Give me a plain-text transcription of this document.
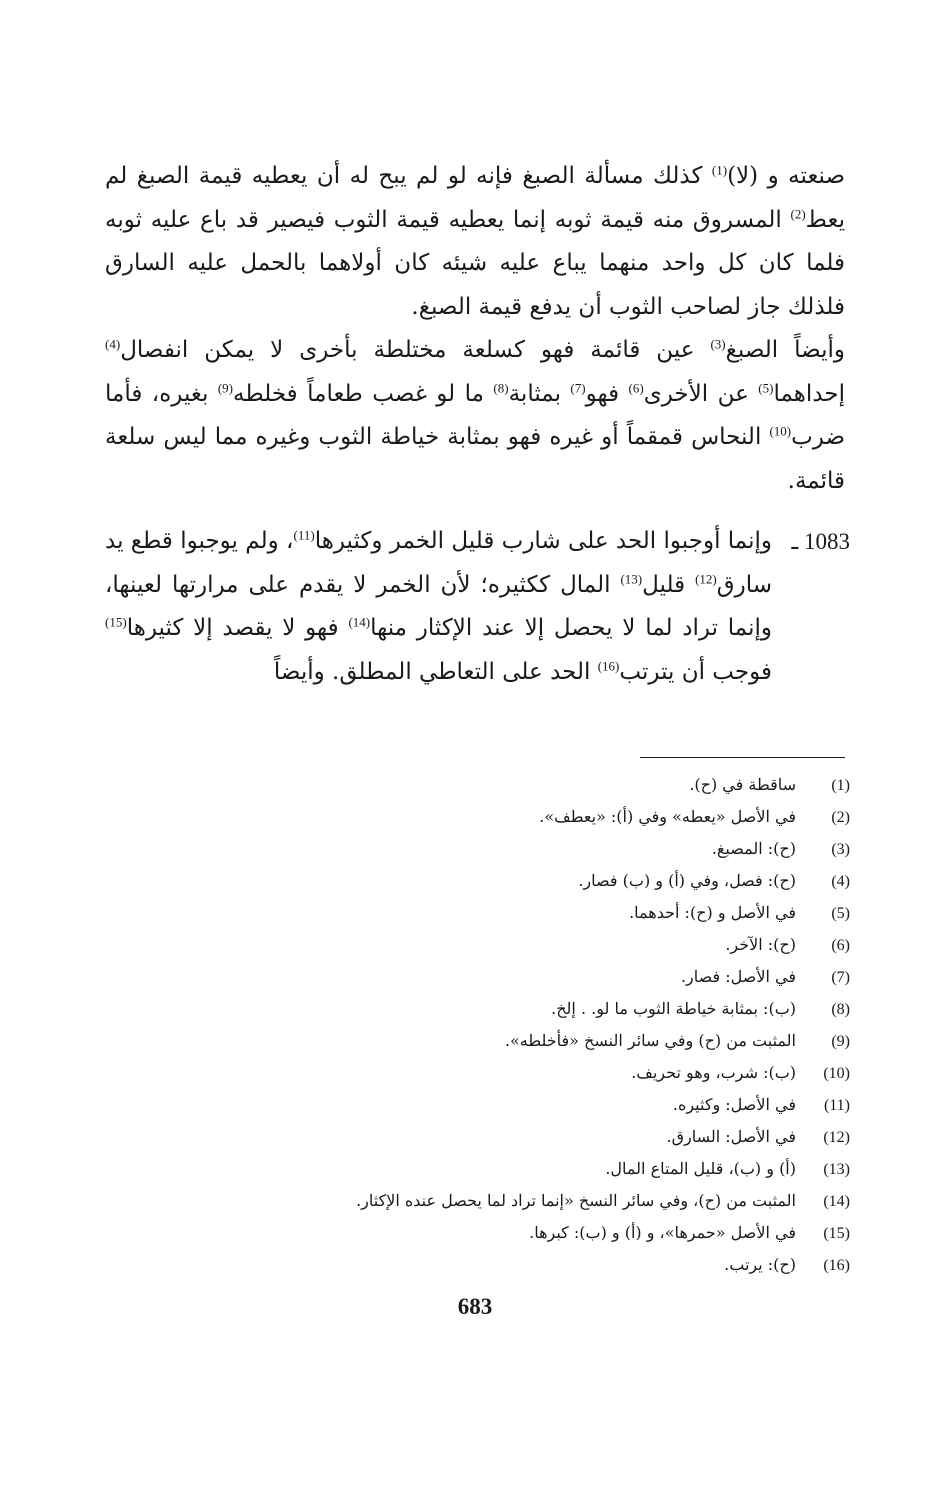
صنعته و (لا)$^{(1)}$ كذلك مسألة الصبغ فإنه لو لم يبح له أن يعطيه قيمة الصبغ لم يعط$^{(2)}$ المسروق منه قيمة ثوبه إنما يعطيه قيمة الثوب فيصير قد باع عليه ثوبه فلما كان كل واحد منهما يباع عليه شيئه كان أولاهما بالحمل عليه السارق فلذلك جاز لصاحب الثوب أن يدفع قيمة الصبغ.

وأيضاً الصبغ$^{(3)}$ عين قائمة فهو كسلعة مختلطة بأخرى لا يمكن انفصال$^{(4)}$ إحداهما$^{(5)}$ عن الأخرى$^{(6)}$ فهو$^{(7)}$ بمثابة$^{(8)}$ ما لو غصب طعاماً فخلطه$^{(9)}$ بغيره، فأما ضرب$^{(10)}$ النحاس قمقماً أو غيره فهو بمثابة خياطة الثوب وغيره مما ليس سلعة قائمة.

1083 ـ

وإنما أوجبوا الحد على شارب قليل الخمر وكثيرها$^{(11)}$، ولم يوجبوا قطع يد سارق$^{(12)}$ قليل$^{(13)}$ المال ككثيره؛ لأن الخمر لا يقدم على مرارتها لعينها، وإنما تراد لما لا يحصل إلا عند الإكثار منها$^{(14)}$ فهو لا يقصد إلا كثيرها$^{(15)}$ فوجب أن يترتب$^{(16)}$ الحد على التعاطي المطلق. وأيضاً

(1)
ساقطة في (ح).
(2)
في الأصل «يعطه» وفي (أ): «يعطف».
(3)
(ح): المصبغ.
(4)
(ح): فصل، وفي (أ) و (ب) فصار.
(5)
في الأصل و (ح): أحدهما.
(6)
(ح): الآخر.
(7)
في الأصل: فصار.
(8)
(ب): بمثابة خياطة الثوب ما لو. . إلخ.
(9)
المثبت من (ح) وفي سائر النسخ «فأخلطه».
(10)
(ب): شرب، وهو تحريف.
(11)
في الأصل: وكثيره.
(12)
في الأصل: السارق.
(13)
(أ) و (ب)، قليل المتاع المال.
(14)
المثبت من (ح)، وفي سائر النسخ «إنما تراد لما يحصل عنده الإكثار.
(15)
في الأصل «حمرها»، و (أ) و (ب): كبرها.
(16)
(ح): يرتب.
683
